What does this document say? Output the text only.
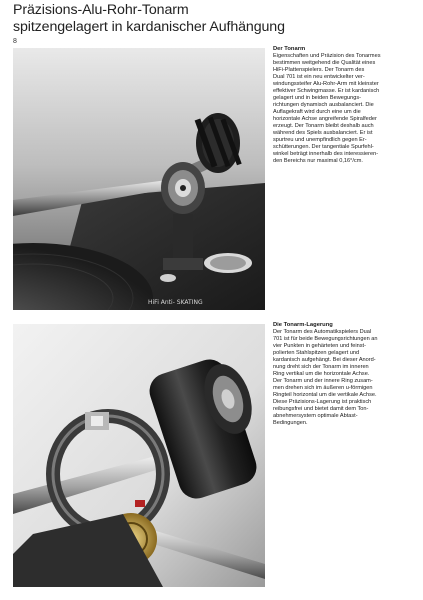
Präzisions-Alu-Rohr-Tonarm
spitzengelagert in kardanischer Aufhängung
8
HiFi Anti- SKATING
Der Tonarm

Eigenschaften und Präzision des Tonarmes
bestimmen weitgehend die Qualität eines
HiFi-Plattenspielers. Der Tonarm des
Dual 701 ist ein neu entwickelter ver-
windungssteifer Alu-Rohr-Arm mit kleinster
effektiver Schwingmasse. Er ist kardanisch
gelagert und in beiden Bewegungs-
richtungen dynamisch ausbalanciert. Die
Auflagekraft wird durch eine um die
horizontale Achse angreifende Spiralfeder
erzeugt. Der Tonarm bleibt deshalb auch
während des Spiels ausbalanciert. Er ist
spurtreu und unempfindlich gegen Er-
schütterungen. Der tangentiale Spurfehl-
winkel beträgt innerhalb des interessieren-
den Bereichs nur maximal 0,16°/cm.

Die Tonarm-Lagerung

Der Tonarm des Automatikspielers Dual
701 ist für beide Bewegungsrichtungen an
vier Punkten in gehärteten und feinst-
polierten Stahlspitzen gelagert und
kardanisch aufgehängt. Bei dieser Anord-
nung dreht sich der Tonarm im inneren
Ring vertikal um die horizontale Achse.
Der Tonarm und der innere Ring zusam-
men drehen sich im äußeren u-förmigen
Ringteil horizontal um die vertikale Achse.
Diese Präzisions-Lagerung ist praktisch
reibungsfrei und bietet damit dem Ton-
abnehmersystem optimale Abtast-
Bedingungen.
